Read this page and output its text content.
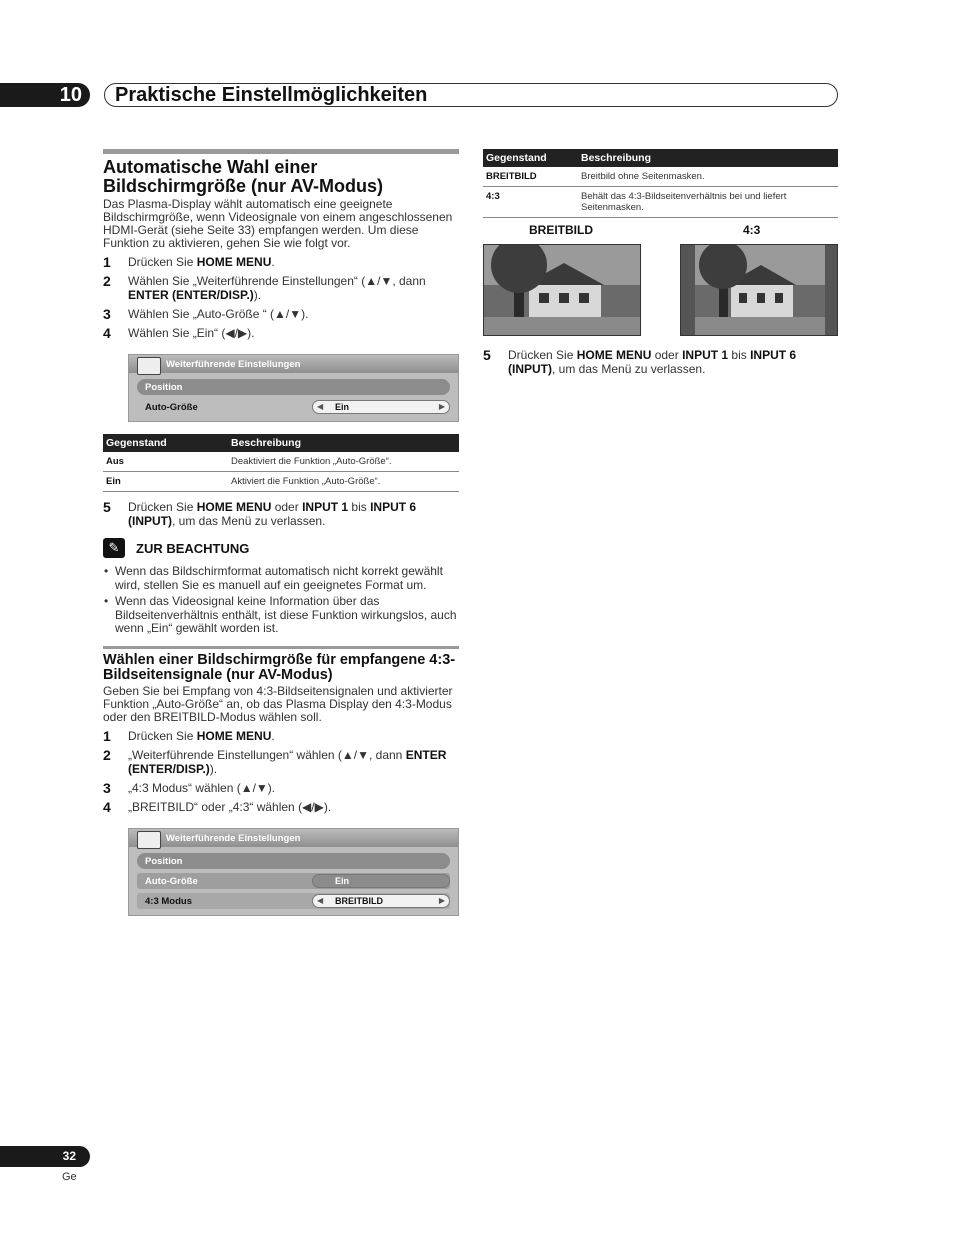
10	Praktische Einstellmöglichkeiten
Automatische Wahl einer Bildschirmgröße (nur AV-Modus)

Das Plasma-Display wählt automatisch eine geeignete Bildschirmgröße, wenn Videosignale von einem angeschlossenen HDMI-Gerät (siehe Seite 33) empfangen werden. Um diese Funktion zu aktivieren, gehen Sie wie folgt vor.

1	Drücken Sie HOME MENU.
2	Wählen Sie „Weiterführende Einstellungen“ (▲/▼, dann ENTER (ENTER/DISP.)).
3	Wählen Sie „Auto-Größe “ (▲/▼).
4	Wählen Sie „Ein“ (◀/▶).
Weiterführende Einstellungen
Position
Auto-Größe	◀ Ein	▶
Gegenstand	Beschreibung
Aus	Deaktiviert die Funktion „Auto-Größe“.
Ein	Aktiviert die Funktion „Auto-Größe“.
5	Drücken Sie HOME MENU oder INPUT 1 bis INPUT 6 (INPUT), um das Menü zu verlassen.
✎	ZUR BEACHTUNG
• Wenn das Bildschirmformat automatisch nicht korrekt gewählt wird, stellen Sie es manuell auf ein geeignetes Format um.
• Wenn das Videosignal keine Information über das Bildseitenverhältnis enthält, ist diese Funktion wirkungslos, auch wenn „Ein“ gewählt worden ist.
Wählen einer Bildschirmgröße für empfangene 4:3-Bildseitensignale (nur AV-Modus)

Geben Sie bei Empfang von 4:3-Bildseitensignalen und aktivierter Funktion „Auto-Größe“ an, ob das Plasma Display den 4:3-Modus oder den BREITBILD-Modus wählen soll.

1	Drücken Sie HOME MENU.
2	„Weiterführende Einstellungen“ wählen (▲/▼, dann ENTER (ENTER/DISP.)).
3	„4:3 Modus“ wählen (▲/▼).
4	„BREITBILD“ oder „4:3“ wählen (◀/▶).
Weiterführende Einstellungen
Position
Auto-Größe	Ein
4:3 Modus	◀ BREITBILD	▶
Gegenstand	Beschreibung
BREITBILD	Breitbild ohne Seitenmasken.
4:3	Behält das 4:3-Bildseitenverhältnis bei und liefert Seitenmasken.
BREITBILD	4:3
5	Drücken Sie HOME MENU oder INPUT 1 bis INPUT 6 (INPUT), um das Menü zu verlassen.
32
Ge
